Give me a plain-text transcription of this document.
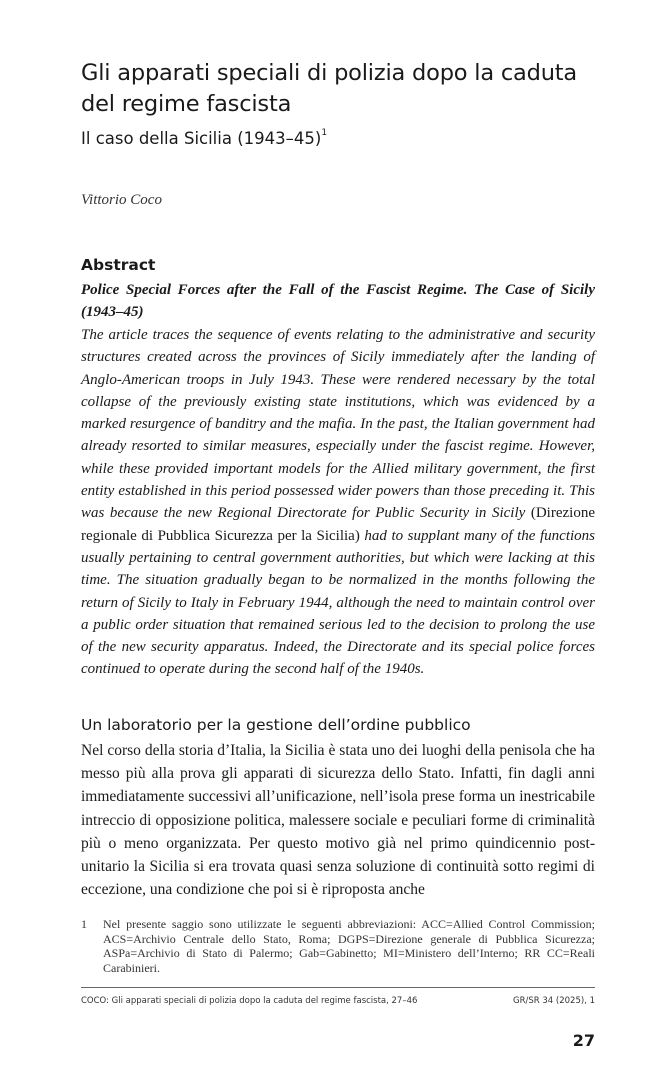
Gli apparati speciali di polizia dopo la caduta del regime fascista
Il caso della Sicilia (1943–45)$^1$
Vittorio Coco
Abstract
Police Special Forces after the Fall of the Fascist Regime. The Case of Sicily (1943–45)
The article traces the sequence of events relating to the administrative and security structures created across the provinces of Sicily immediately after the landing of Anglo-American troops in July 1943. These were rendered necessary by the total collapse of the previously existing state institutions, which was evidenced by a marked resurgence of banditry and the mafia. In the past, the Italian government had already resorted to similar measures, especially under the fascist regime. However, while these provided important models for the Allied military government, the first entity established in this period possessed wider powers than those preceding it. This was because the new Regional Directorate for Public Security in Sicily (Direzione regionale di Pubblica Sicurezza per la Sicilia) had to supplant many of the functions usually pertaining to central government authorities, but which were lacking at this time. The situation gradually began to be normalized in the months following the return of Sicily to Italy in February 1944, although the need to maintain control over a public order situation that remained serious led to the decision to prolong the use of the new security apparatus. Indeed, the Directorate and its special police forces continued to operate during the second half of the 1940s.
Un laboratorio per la gestione dell’ordine pubblico
Nel corso della storia d’Italia, la Sicilia è stata uno dei luoghi della penisola che ha messo più alla prova gli apparati di sicurezza dello Stato. Infatti, fin dagli anni immediatamente successivi all’unificazione, nell’isola prese forma un inestricabile intreccio di opposizione politica, malessere sociale e peculiari forme di criminalità più o meno organizzata. Per questo motivo già nel primo quindicennio post-unitario la Sicilia si era trovata quasi senza soluzione di continuità sotto regimi di eccezione, una condizione che poi si è riproposta anche
1 Nel presente saggio sono utilizzate le seguenti abbreviazioni: ACC=Allied Control Commission; ACS=Archivio Centrale dello Stato, Roma; DGPS=Direzione generale di Pubblica Sicurezza; ASPa=Archivio di Stato di Palermo; Gab=Gabinetto; MI=Ministero dell’Interno; RR CC=Reali Carabinieri.
COCO: Gli apparati speciali di polizia dopo la caduta del regime fascista, 27–46	GR/SR 34 (2025), 1
27
